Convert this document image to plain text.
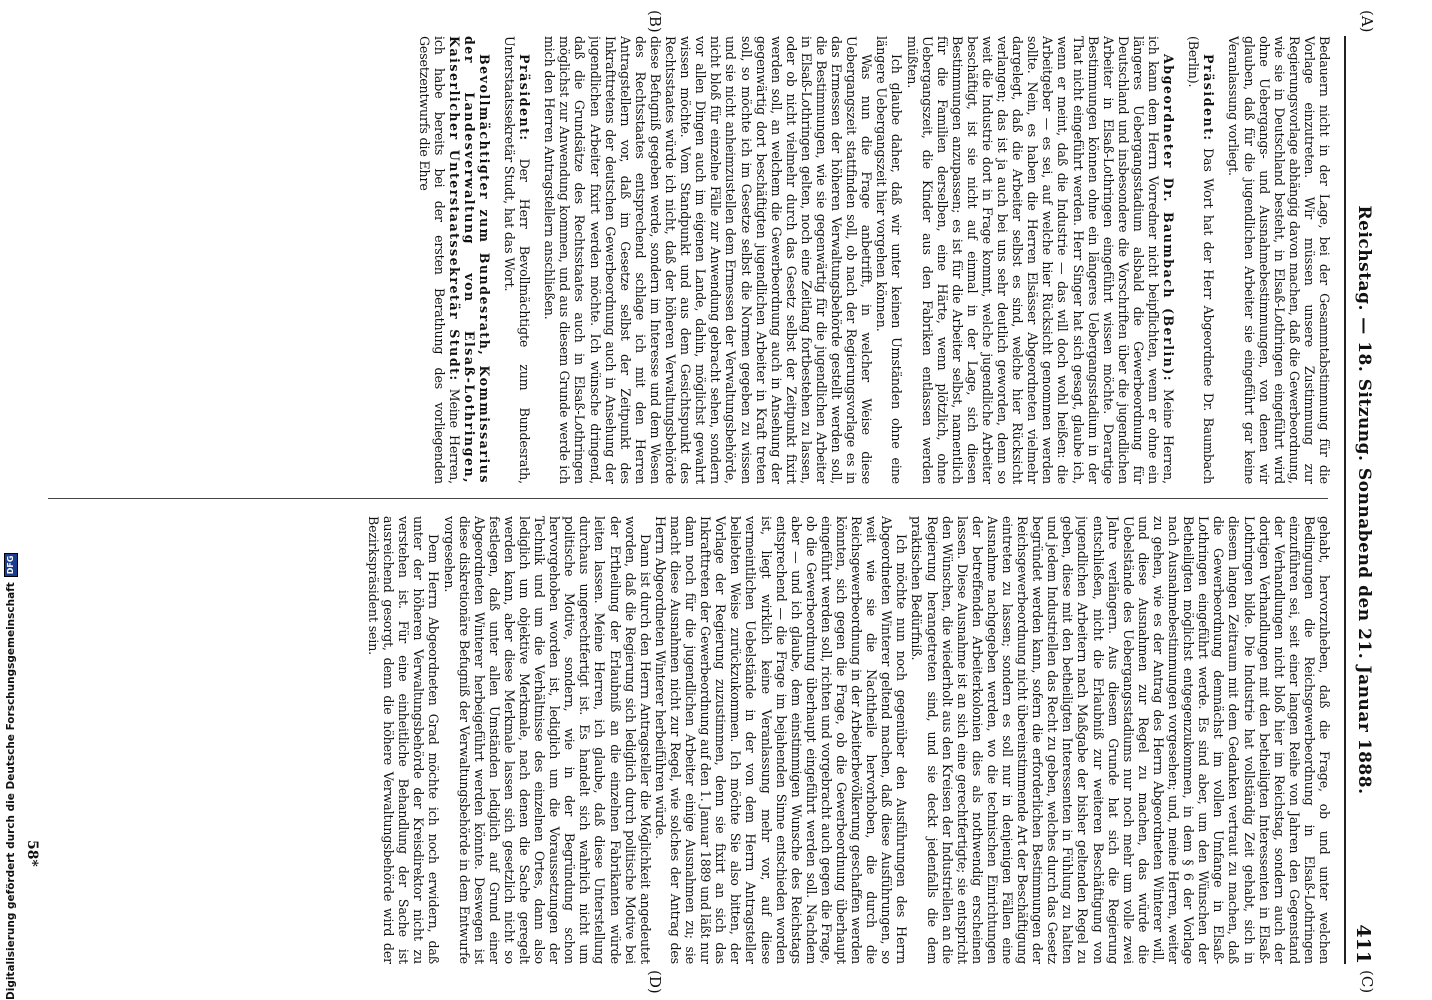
(A)
(B)
(C)
(D)
Reichstag. — 18. Sitzung. Sonnabend den 21. Januar 1888.
411

Bedauern nicht in der Lage, bei der Gesammtabstimmung für die Vorlage einzutreten. Wir müssen unsere Zustimmung zur Regierungsvorlage abhängig davon machen, daß die Gewerbeordnung, wie sie in Deutschland besteht, in Elsaß-Lothringen eingeführt wird ohne Uebergangs- und Ausnahmebestimmungen, von denen wir glauben, daß für die jugendlichen Arbeiter sie eingeführt gar keine Veranlassung vorliegt.

Präsident: Das Wort hat der Herr Abgeordnete Dr. Baumbach (Berlin).

Abgeordneter Dr. Baumbach (Berlin): Meine Herren, ich kann dem Herrn Vorredner nicht beipflichten, wenn er ohne ein längeres Uebergangsstadium alsbald die Gewerbeordnung für Deutschland und insbesondere die Vorschriften über die jugendlichen Arbeiter in Elsaß-Lothringen eingeführt wissen möchte. Derartige Bestimmungen können ohne ein längeres Uebergangsstadium in der That nicht eingeführt werden. Herr Singer hat sich gesagt, glaube ich, wenn er meint, daß die Industrie — das will doch wohl heißen: die Arbeitgeber — es sei, auf welche hier Rücksicht genommen werden sollte. Nein, es haben die Herren Elsässer Abgeordneten vielmehr dargelegt, daß die Arbeiter selbst es sind, welche hier Rücksicht verlangen; das ist ja auch bei uns sehr deutlich geworden, denn so weit die Industrie dort in Frage kommt, welche jugendliche Arbeiter beschäftigt, ist sie nicht auf einmal in der Lage, sich diesen Bestimmungen anzupassen; es ist für die Arbeiter selbst, namentlich für die Familien derselben, eine Härte, wenn plötzlich, ohne Uebergangszeit, die Kinder aus den Fabriken entlassen werden müßten.

Ich glaube daher, daß wir unter keinen Umständen ohne eine längere Uebergangszeit hier vorgehen können.

Was nun die Frage anbetrifft, in welcher Weise diese Uebergangszeit stattfinden soll, ob nach der Regierungsvorlage es in das Ermessen der höheren Verwaltungsbehörde gestellt werden soll, die Bestimmungen, wie sie gegenwärtig für die jugendlichen Arbeiter in Elsaß-Lothringen gelten, noch eine Zeitlang fortbestehen zu lassen, oder ob nicht vielmehr durch das Gesetz selbst der Zeitpunkt fixirt werden soll, an welchem die Gewerbeordnung auch in Ansehung der gegenwärtig dort beschäftigten jugendlichen Arbeiter in Kraft treten soll, so möchte ich im Gesetze selbst die Normen gegeben zu wissen und sie nicht anheimzustellen dem Ermessen der Verwaltungsbehörde, nicht bloß für einzelne Fälle zur Anwendung gebracht sehen, sondern vor allen Dingen auch im eigenen Lande, dahin, möglichst gewahrt wissen möchte. Vom Standpunkt und aus dem Gesichtspunkt des Rechtsstaates würde ich nicht, daß der höheren Verwaltungsbehörde diese Befugniß gegeben werde, sondern im Interesse und dem Wesen des Rechtsstaates entsprechend schlage ich mit den Herren Antragstellern vor, daß im Gesetze selbst der Zeitpunkt des Inkrafttretens der deutschen Gewerbeordnung auch in Ansehung der jugendlichen Arbeiter fixirt werden möchte. Ich wünsche dringend, daß die Grundsätze des Rechtsstaates auch in Elsaß-Lothringen möglichst zur Anwendung kommen, und aus diesem Grunde werde ich mich den Herren Antragstellern anschließen.

Präsident: Der Herr Bevollmächtigte zum Bundesrath, Unterstaatssekretär Studt, hat das Wort.

Bevollmächtigter zum Bundesrath, Kommissarius der Landesverwaltung von Elsaß-Lothringen, Kaiserlicher Unterstaatssekretär Studt: Meine Herren, ich habe bereits bei der ersten Berathung des vorliegenden Gesetzentwurfs die Ehre

gehabt, hervorzuheben, daß die Frage, ob und unter welchen Bedingungen die Reichsgewerbeordnung in Elsaß-Lothringen einzuführen sei, seit einer langen Reihe von Jahren den Gegenstand der Verhandlungen nicht bloß hier im Reichstag, sondern auch der dortigen Verhandlungen mit den betheiligten Interessenten in Elsaß-Lothringen bilde. Die Industrie hat vollständig Zeit gehabt, sich in diesem langen Zeitraum mit dem Gedanken vertraut zu machen, daß die Gewerbeordnung demnächst im vollen Umfange in Elsaß-Lothringen eingeführt werde. Es sind aber, um den Wünschen der Betheiligten möglichst entgegenzukommen, in dem § 6 der Vorlage nach Ausnahmebestimmungen vorgesehen; und, meine Herren, weiter zu gehen, wie es der Antrag des Herrn Abgeordneten Winterer will, und diese Ausnahmen zur Regel zu machen, das würde die Uebelstände des Uebergangsstadiums nur noch mehr um volle zwei Jahre verlängern. Aus diesem Grunde hat sich die Regierung entschließen, nicht die Erlaubniß zur weiteren Beschäftigung von jugendlichen Arbeitern nach Maßgabe der bisher geltenden Regel zu geben, diese mit den betheiligten Interessenten in Fühlung zu halten und jedem Industriellen das Recht zu geben, welches durch das Gesetz begründet werden kann, sofern die erforderlichen Bestimmungen der Reichsgewerbeordnung nicht übereinstimmende Art der Beschäftigung eintreten zu lassen; sondern es soll nur in denjenigen Fällen eine Ausnahme nachgegeben werden, wo die technischen Einrichtungen der betreffenden Arbeiterkolonien dies als nothwendig erscheinen lassen. Diese Ausnahme ist an sich eine gerechtfertigte; sie entspricht den Wünschen, die wiederholt aus den Kreisen der Industriellen an die Regierung herangetreten sind, und sie deckt jedenfalls die dem praktischen Bedürfniß.

Ich möchte nun noch gegenüber den Ausführungen des Herrn Abgeordneten Winterer geltend machen, daß diese Ausführungen, so weit wie sie die Nachtheile hervorhoben, die durch die Reichsgewerbeordnung in der Arbeiterbevölkerung geschaffen werden könnten, sich gegen die Frage, ob die Gewerbeordnung überhaupt eingeführt werden soll, richten und vorgebracht auch gegen die Frage, ob die Gewerbeordnung überhaupt eingeführt werden soll. Nachdem aber — und ich glaube, dem einstimmigen Wunsche des Reichstags entsprechend — die Frage im bejahenden Sinne entschieden worden ist, liegt wirklich keine Veranlassung mehr vor, auf diese vermeintlichen Uebelstände in der von dem Herrn Antragsteller beliebten Weise zurückzukommen. Ich möchte Sie also bitten, der Vorlage der Regierung zuzustimmen, denn sie fixirt an sich das Inkrafttreten der Gewerbeordnung auf den 1. Januar 1889 und läßt nur dann noch für die jugendlichen Arbeiter einige Ausnahmen zu; sie macht diese Ausnahmen nicht zur Regel, wie solches der Antrag des Herrn Abgeordneten Winterer herbeiführen würde.

Dann ist durch den Herrn Antragsteller die Möglichkeit angedeutet worden, daß die Regierung sich lediglich durch politische Motive bei der Ertheilung der Erlaubniß an die einzelnen Fabrikanten würde leiten lassen. Meine Herren, ich glaube, daß diese Unterstellung durchaus ungerechtfertigt ist. Es handelt sich wahrlich nicht um politische Motive, sondern, wie in der Begründung schon hervorgehoben worden ist, lediglich um die Voraussetzungen der Technik und um die Verhältnisse des einzelnen Ortes, dann also lediglich um objektive Merkmale, nach denen die Sache geregelt werden kann, aber diese Merkmale lassen sich gesetzlich nicht so festlegen, daß unter allen Umständen lediglich auf Grund einer Abgeordneten Winterer herbeigeführt werden könnte. Deswegen ist diese diskretionäre Befugniß der Verwaltungsbehörde in dem Entwurfe vorgesehen.

Dem Herrn Abgeordneten Grad möchte ich noch erwidern, daß unter der höheren Verwaltungsbehörde der Kreisdirektor nicht zu verstehen ist. Für eine einheitliche Behandlung der Sache ist ausreichend gesorgt, denn die höhere Verwaltungsbehörde wird der Bezirkspräsident sein.

58*
Digitalisierung gefördert durch die Deutsche Forschungsgemeinschaft
DFG
